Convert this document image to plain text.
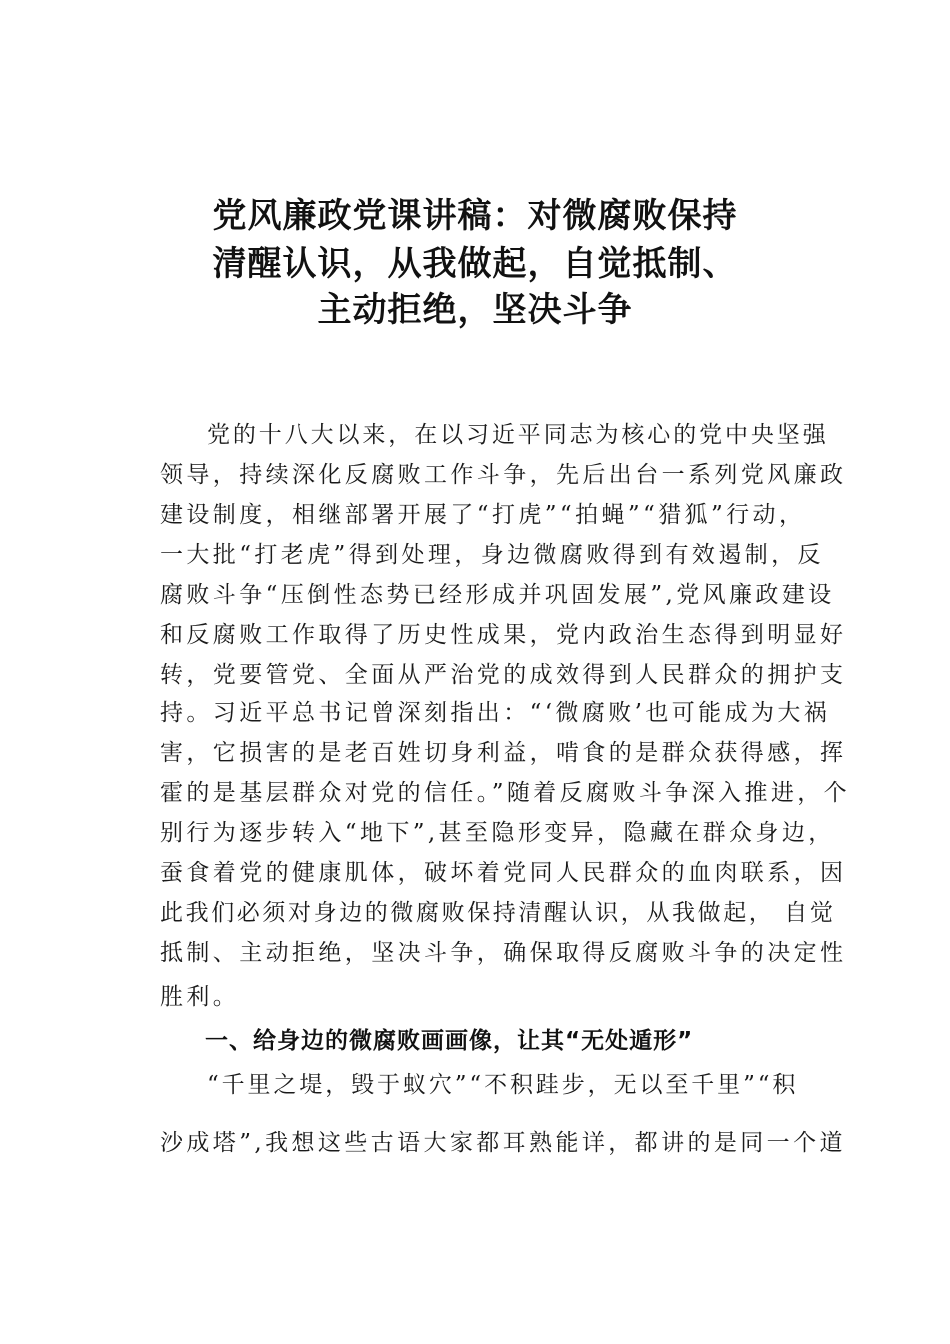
党风廉政党课讲稿：对微腐败保持
清醒认识，从我做起，自觉抵制、
主动拒绝，坚决斗争
党的十八大以来，在以习近平同志为核心的党中央坚强
领导，持续深化反腐败工作斗争，先后出台一系列党风廉政
建设制度，相继部署开展了“打虎”“拍蝇”“猎狐”行动，
一大批“打老虎”得到处理，身边微腐败得到有效遏制，反
腐败斗争“压倒性态势已经形成并巩固发展”,党风廉政建设
和反腐败工作取得了历史性成果，党内政治生态得到明显好
转，党要管党、全面从严治党的成效得到人民群众的拥护支
持。习近平总书记曾深刻指出：“‘微腐败’也可能成为大祸
害，它损害的是老百姓切身利益，啃食的是群众获得感，挥
霍的是基层群众对党的信任。”随着反腐败斗争深入推进，个
别行为逐步转入“地下”,甚至隐形变异，隐藏在群众身边，
蚕食着党的健康肌体，破坏着党同人民群众的血肉联系，因
此我们必须对身边的微腐败保持清醒认识，从我做起， 自觉
抵制、主动拒绝，坚决斗争，确保取得反腐败斗争的决定性
胜利。
一、给身边的微腐败画画像，让其“无处遁形”
“千里之堤，毁于蚁穴”“不积跬步，无以至千里”“积
沙成塔”,我想这些古语大家都耳熟能详，都讲的是同一个道
